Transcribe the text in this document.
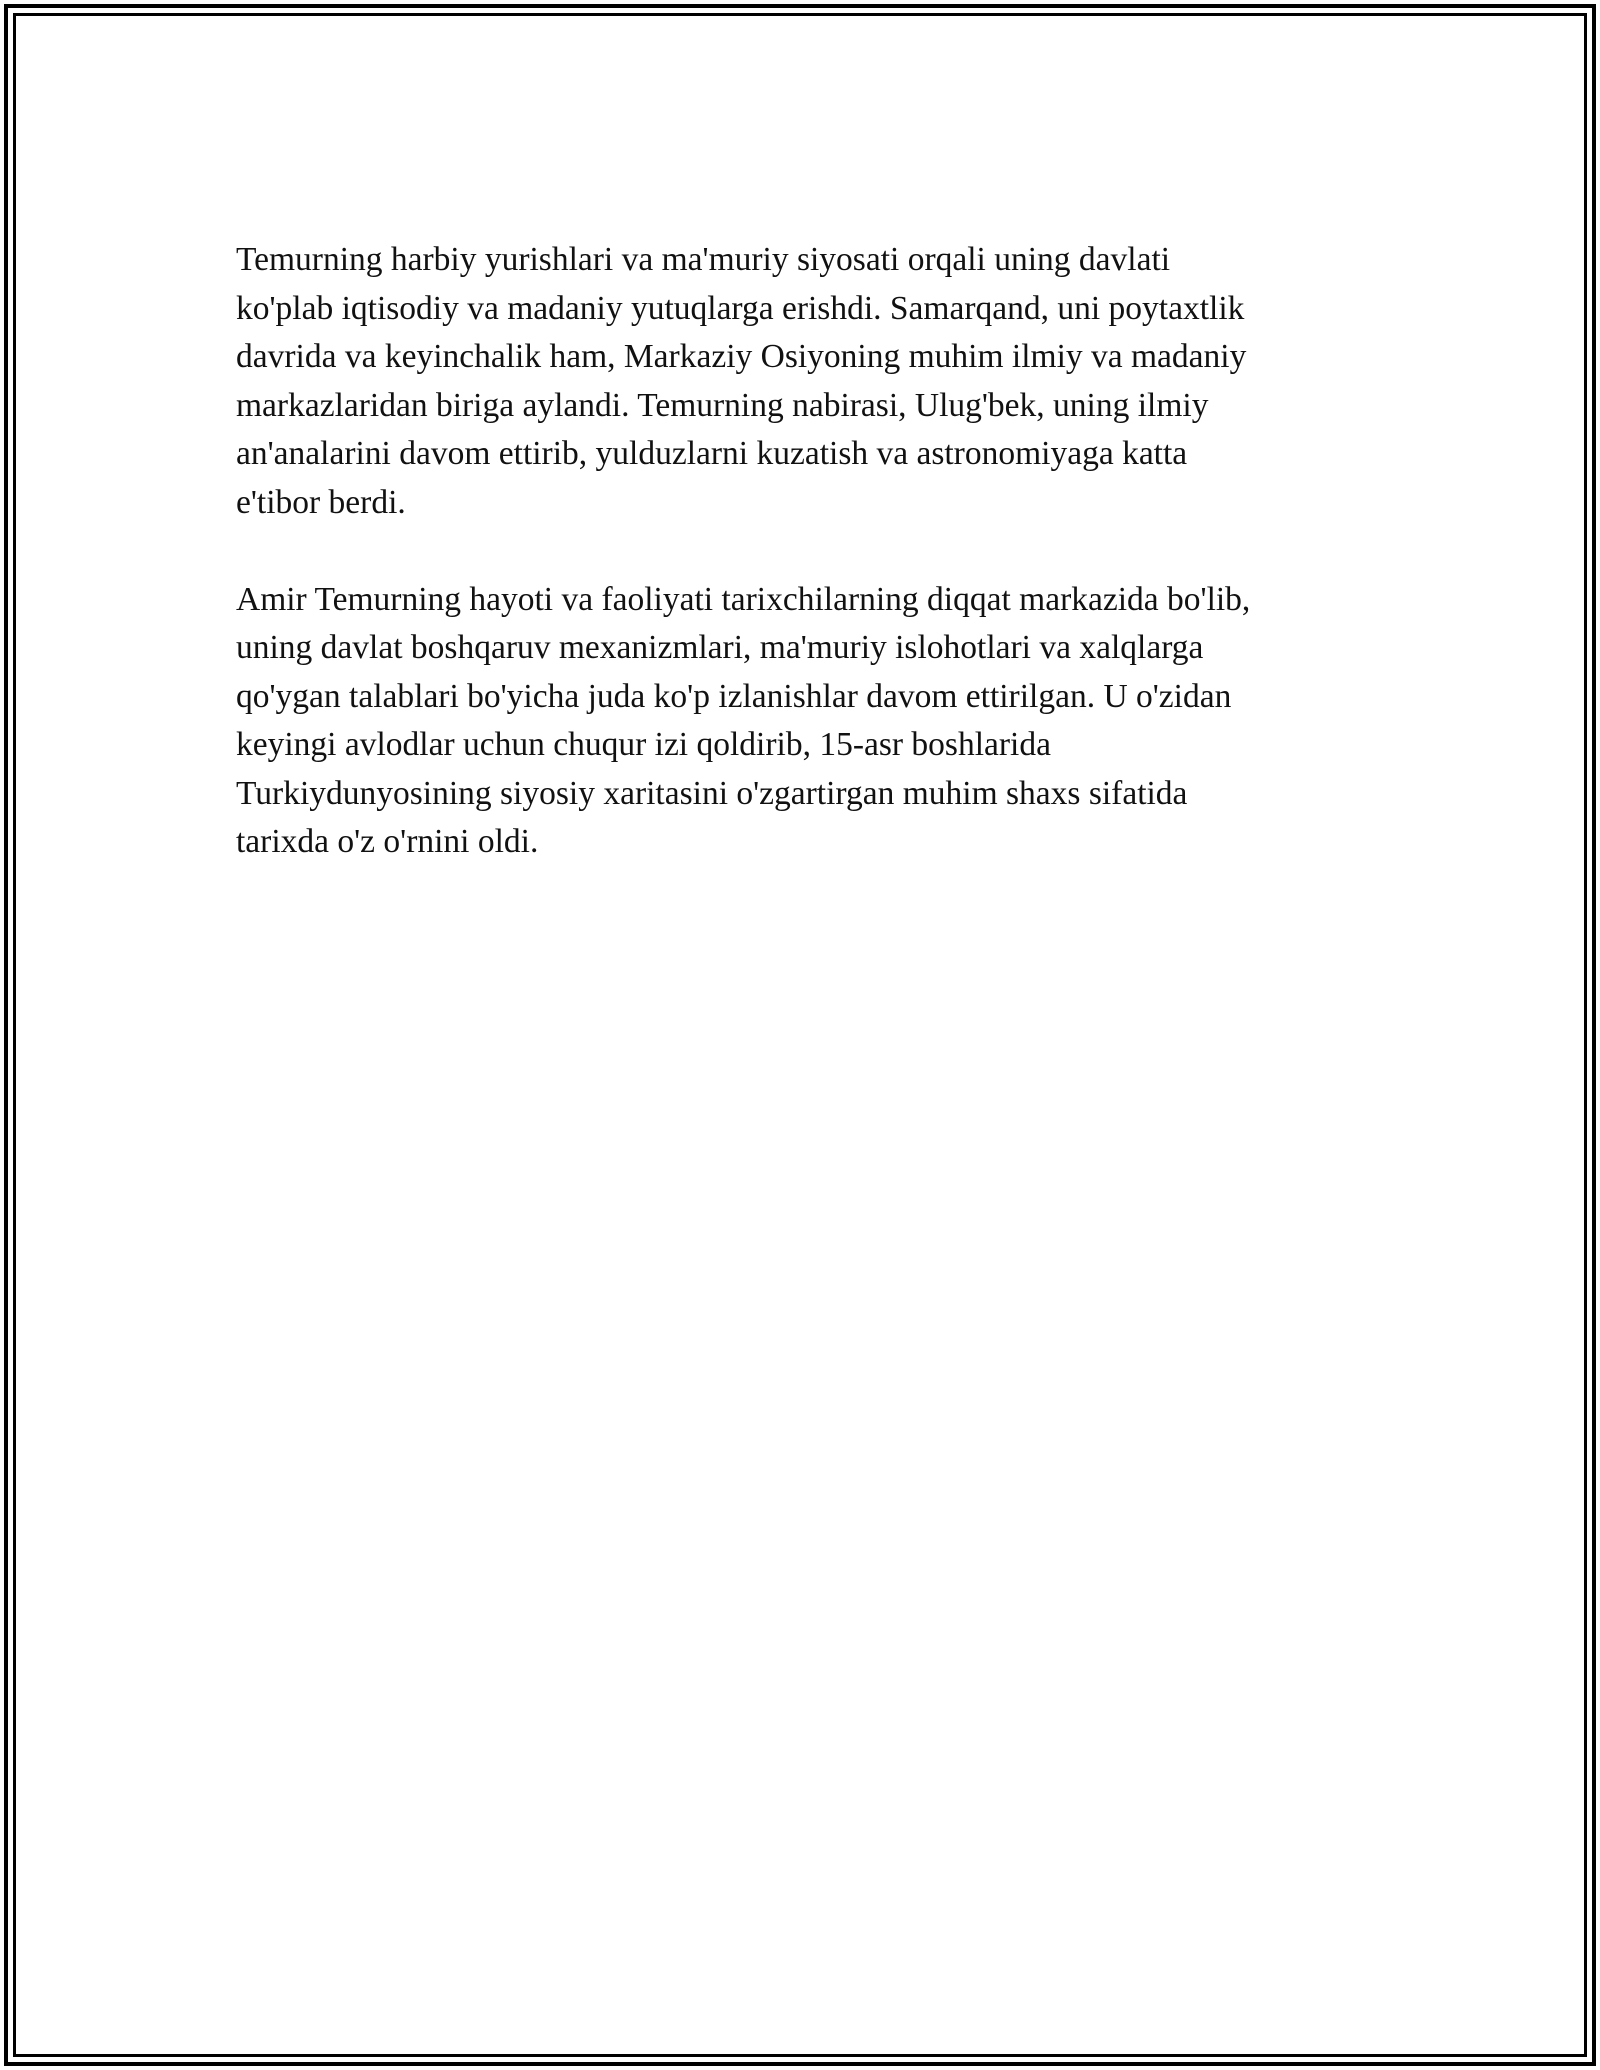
Temurning harbiy yurishlari va ma'muriy siyosati orqali uning davlati
ko'plab iqtisodiy va madaniy yutuqlarga erishdi. Samarqand, uni poytaxtlik
davrida va keyinchalik ham, Markaziy Osiyoning muhim ilmiy va madaniy
markazlaridan biriga aylandi. Temurning nabirasi, Ulug'bek, uning ilmiy
an'analarini davom ettirib, yulduzlarni kuzatish va astronomiyaga katta
e'tibor berdi.

Amir Temurning hayoti va faoliyati tarixchilarning diqqat markazida bo'lib,
uning davlat boshqaruv mexanizmlari, ma'muriy islohotlari va xalqlarga
qo'ygan talablari bo'yicha juda ko'p izlanishlar davom ettirilgan. U o'zidan
keyingi avlodlar uchun chuqur izi qoldirib, 15-asr boshlarida
Turkiydunyosining siyosiy xaritasini o'zgartirgan muhim shaxs sifatida
tarixda o'z o'rnini oldi.
